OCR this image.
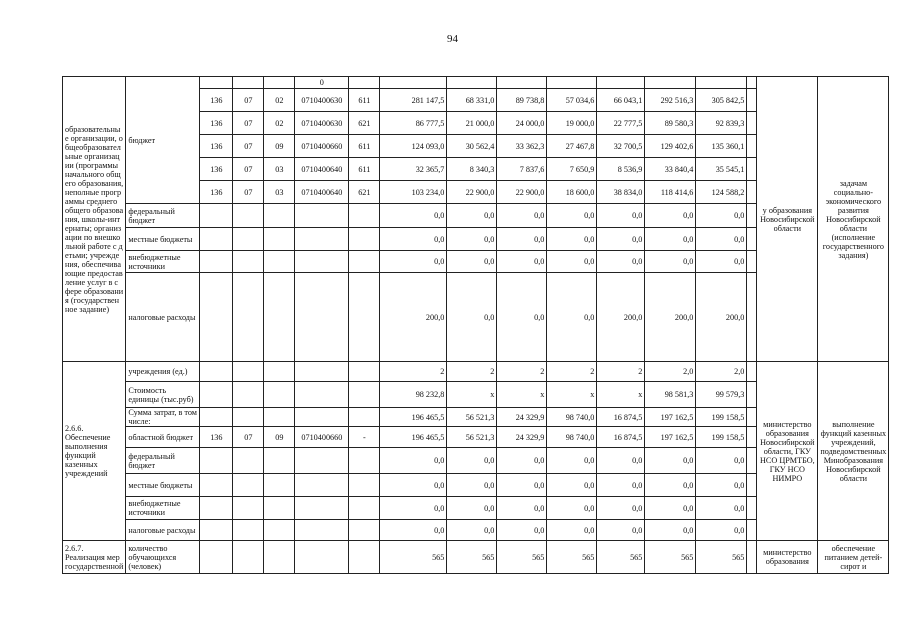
94
образовательные организации, общеобразовательные организации (программы начального общего образования, неполные программы среднего общего образования, школы-интернаты; организации по внешкольной работе с детьми; учреждения, обеспечивающие предоставление услуг в сфере образования (государственное задание)	бюджет				0										у образования Новосибирской области	задачам социально-экономического развития Новосибирской области (исполнение государственного задания)
		136	07	02	0710400630	611	281 147,5	68 331,0	89 738,8	57 034,6	66 043,1	292 516,3	305 842,5			
		136	07	02	0710400630	621	86 777,5	21 000,0	24 000,0	19 000,0	22 777,5	89 580,3	92 839,3			
		136	07	09	0710400660	611	124 093,0	30 562,4	33 362,3	27 467,8	32 700,5	129 402,6	135 360,1			
		136	07	03	0710400640	611	32 365,7	8 340,3	7 837,6	7 650,9	8 536,9	33 840,4	35 545,1			
		136	07	03	0710400640	621	103 234,0	22 900,0	22 900,0	18 600,0	38 834,0	118 414,6	124 588,2			
	федеральный бюджет						0,0	0,0	0,0	0,0	0,0	0,0	0,0			
	местные бюджеты						0,0	0,0	0,0	0,0	0,0	0,0	0,0			
	внебюджетные источники						0,0	0,0	0,0	0,0	0,0	0,0	0,0			
	налоговые расходы						200,0	0,0	0,0	0,0	200,0	200,0	200,0			
2.6.6. Обеспечение выполнения функций казенных учреждений	учреждения (ед.)						2	2	2	2	2	2,0	2,0		министерство образования Новосибирской области, ГКУ НСО ЦРМТБО, ГКУ НСО НИМРО	выполнение функций казенных учреждений, подведомственных Минобразования Новосибирской области
	Стоимость единицы (тыс.руб)						98 232,8	x	x	x	x	98 581,3	99 579,3			
	Сумма затрат, в том числе:						196 465,5	56 521,3	24 329,9	98 740,0	16 874,5	197 162,5	199 158,5			
	областной бюджет	136	07	09	0710400660	-	196 465,5	56 521,3	24 329,9	98 740,0	16 874,5	197 162,5	199 158,5			
	федеральный бюджет						0,0	0,0	0,0	0,0	0,0	0,0	0,0			
	местные бюджеты						0,0	0,0	0,0	0,0	0,0	0,0	0,0			
	внебюджетные источники						0,0	0,0	0,0	0,0	0,0	0,0	0,0			
	налоговые расходы						0,0	0,0	0,0	0,0	0,0	0,0	0,0			
2.6.7. Реализация мер государственной	количество обучающихся (человек)						565	565	565	565	565	565	565		министерство образования	обеспечение питанием детей-сирот и
